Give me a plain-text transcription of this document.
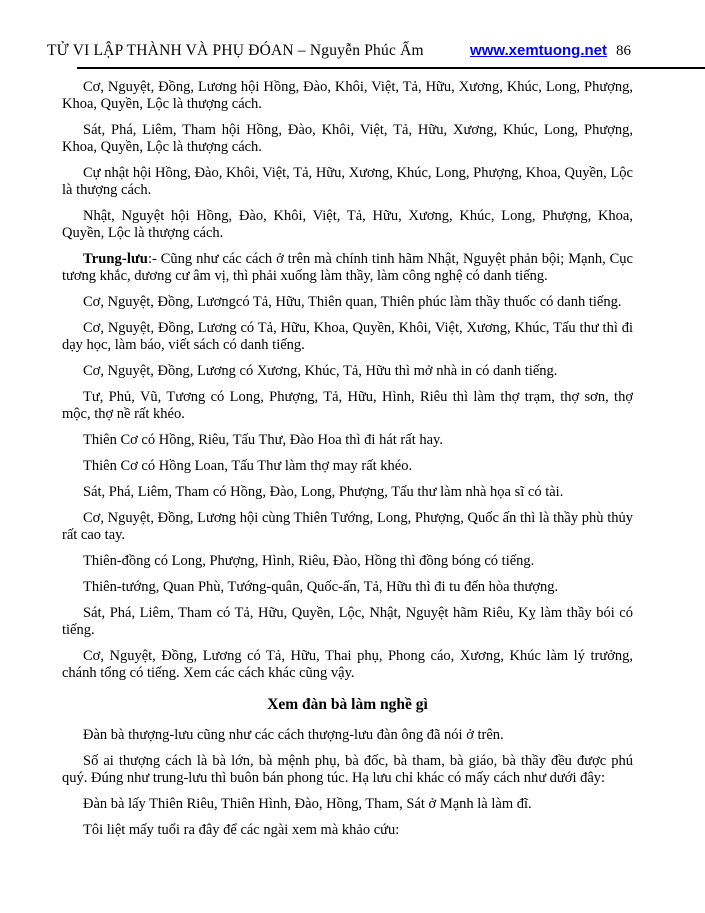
TỬ VI LẬP THÀNH VÀ PHỤ ĐÓAN – Nguyễn Phúc Ấm	www.xemtuong.net 86

Cơ, Nguyệt, Đồng, Lương hội Hồng, Đào, Khôi, Việt, Tả, Hữu, Xương, Khúc, Long, Phượng, Khoa, Quyền, Lộc là thượng cách.

Sát, Phá, Liêm, Tham hội Hồng, Đào, Khôi, Việt, Tả, Hữu, Xương, Khúc, Long, Phượng, Khoa, Quyền, Lộc là thượng cách.

Cự nhật hội Hồng, Đào, Khôi, Việt, Tả, Hữu, Xương, Khúc, Long, Phượng, Khoa, Quyền, Lộc là thượng cách.

Nhật, Nguyệt hội Hồng, Đào, Khôi, Việt, Tả, Hữu, Xương, Khúc, Long, Phượng, Khoa, Quyền, Lộc là thượng cách.

Trung-lưu:- Cũng như các cách ở trên mà chính tinh hãm Nhật, Nguyệt phản bội; Mạnh, Cục tương khắc, dương cư âm vị, thì phải xuống làm thầy, làm công nghệ có danh tiếng.

Cơ, Nguyệt, Đồng, Lươngcó Tả, Hữu, Thiên quan, Thiên phúc làm thầy thuốc có danh tiếng.

Cơ, Nguyệt, Đồng, Lương có Tả, Hữu, Khoa, Quyền, Khôi, Việt, Xương, Khúc, Tấu thư thì đi dạy học, làm báo, viết sách có danh tiếng.

Cơ, Nguyệt, Đồng, Lương có Xương, Khúc, Tả, Hữu thì mở nhà in có danh tiếng.

Tư, Phủ, Vũ, Tương có Long, Phượng, Tả, Hữu, Hình, Riêu thì làm thợ trạm, thợ sơn, thợ mộc, thợ nề rất khéo.

Thiên Cơ có Hồng, Riêu, Tấu Thư, Đào Hoa thì đi hát rất hay.

Thiên Cơ có Hồng Loan, Tấu Thư làm thợ may rất khéo.

Sát, Phá, Liêm, Tham có Hồng, Đào, Long, Phượng, Tấu thư làm nhà họa sĩ có tài.

Cơ, Nguyệt, Đồng, Lương hội cùng Thiên Tướng, Long, Phượng, Quốc ấn thì là thầy phù thủy rất cao tay.

Thiên-đồng có Long, Phượng, Hình, Riêu, Đào, Hồng thì đồng bóng có tiếng.

Thiên-tướng, Quan Phù, Tướng-quân, Quốc-ấn, Tả, Hữu thì đi tu đến hòa thượng.

Sát, Phá, Liêm, Tham có Tả, Hữu, Quyền, Lộc, Nhật, Nguyệt hãm Riêu, Kỵ làm thầy bói có tiếng.

Cơ, Nguyệt, Đồng, Lương có Tả, Hữu, Thai phụ, Phong cáo, Xương, Khúc làm lý trưởng, chánh tổng có tiếng. Xem các cách khác cũng vậy.

Xem đàn bà làm nghề gì

Đàn bà thượng-lưu cũng như các cách thượng-lưu đàn ông đã nói ở trên.

Số ai thượng cách là bà lớn, bà mệnh phụ, bà đốc, bà tham, bà giáo, bà thầy đều được phú quý. Đúng như trung-lưu thì buôn bán phong túc. Hạ lưu chỉ khác có mấy cách như dưới đây:

Đàn bà lấy Thiên Riêu, Thiên Hình, Đào, Hồng, Tham, Sát ở Mạnh là làm đĩ.

Tôi liệt mấy tuổi ra đây để các ngài xem mà khảo cứu:
